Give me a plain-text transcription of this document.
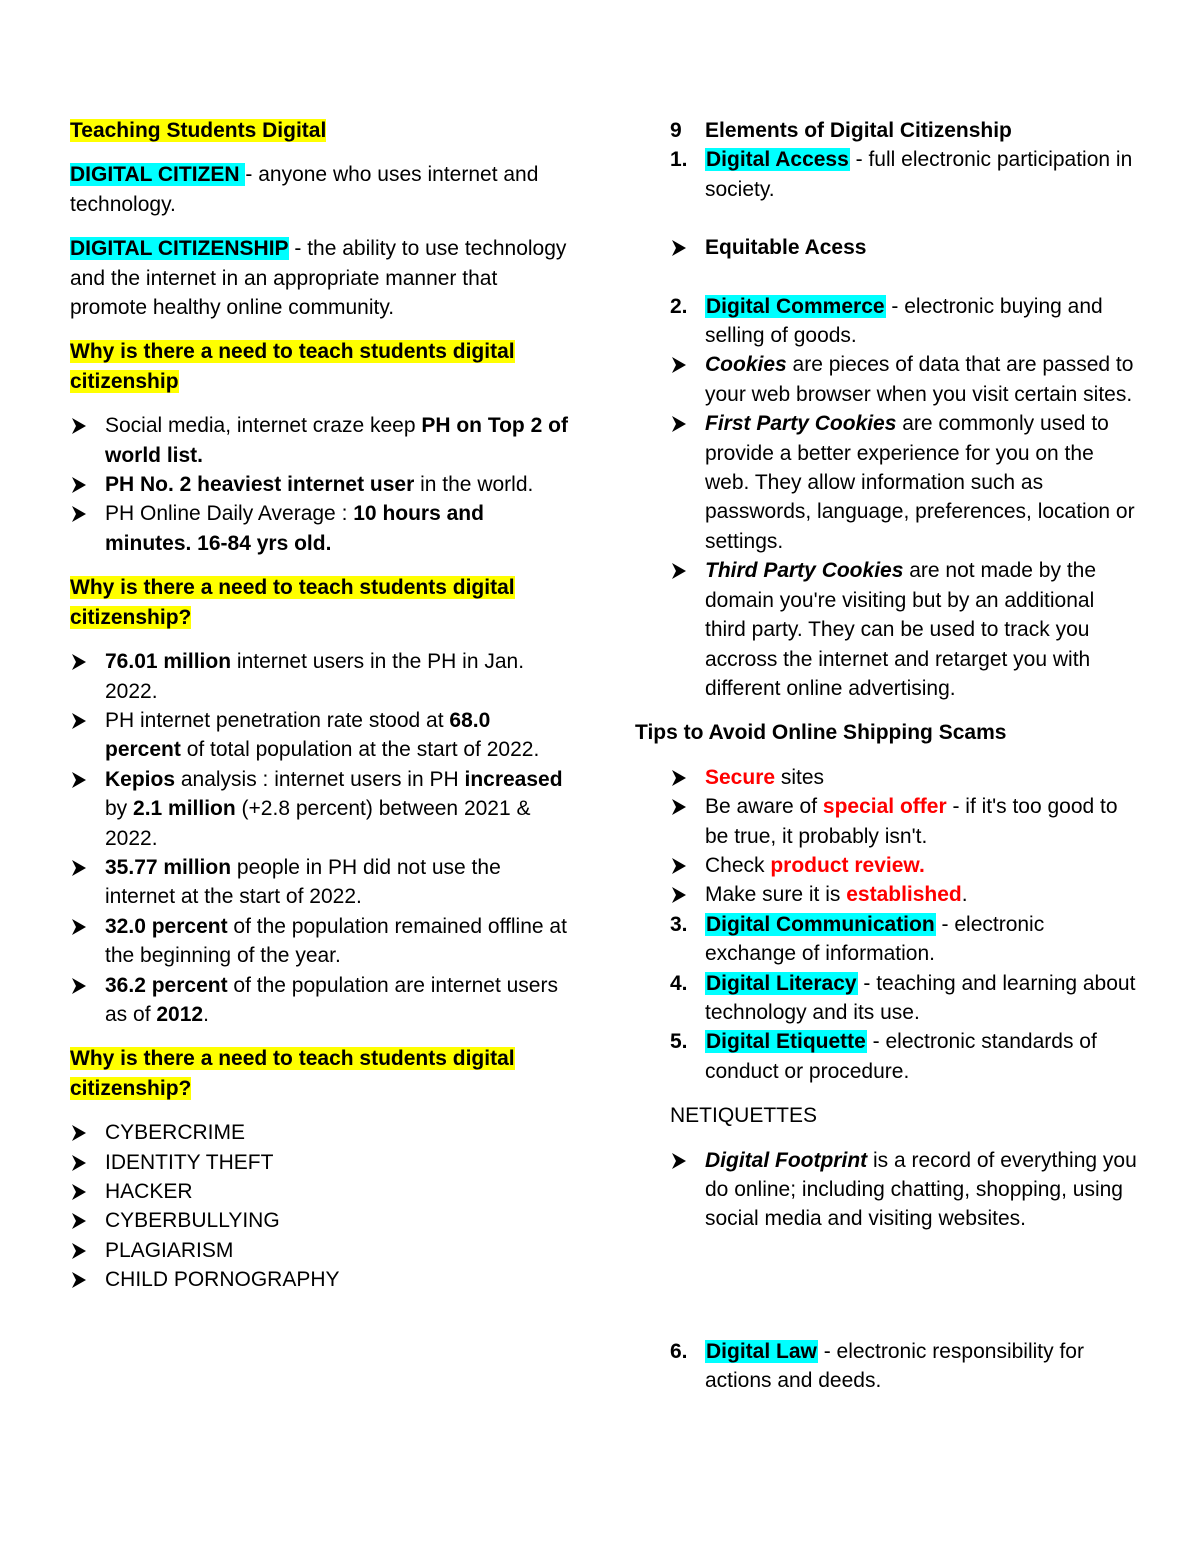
Teaching Students Digital

DIGITAL CITIZEN - anyone who uses internet and technology.

DIGITAL CITIZENSHIP - the ability to use technology and the internet in an appropriate manner that promote healthy online community.

Why is there a need to teach students digital citizenship

Social media, internet craze keep PH on Top 2 of world list.
PH No. 2 heaviest internet user in the world.
PH Online Daily Average : 10 hours and minutes. 16-84 yrs old.

Why is there a need to teach students digital citizenship?

76.01 million internet users in the PH in Jan. 2022.
PH internet penetration rate stood at 68.0 percent of total population at the start of 2022.
Kepios analysis : internet users in PH increased by 2.1 million (+2.8 percent) between 2021 & 2022.
35.77 million people in PH did not use the internet at the start of 2022.
32.0 percent of the population remained offline at the beginning of the year.
36.2 percent of the population are internet users as of 2012.

Why is there a need to teach students digital citizenship?

CYBERCRIME
IDENTITY THEFT
HACKER
CYBERBULLYING
PLAGIARISM
CHILD PORNOGRAPHY
9 Elements of Digital Citizenship
1. Digital Access - full electronic participation in society.
Equitable Acess
2. Digital Commerce - electronic buying and selling of goods.
Cookies are pieces of data that are passed to your web browser when you visit certain sites.
First Party Cookies are commonly used to provide a better experience for you on the web. They allow information such as passwords, language, preferences, location or settings.
Third Party Cookies are not made by the domain you're visiting but by an additional third party. They can be used to track you accross the internet and retarget you with different online advertising.

Tips to Avoid Online Shipping Scams

Secure sites
Be aware of special offer - if it's too good to be true, it probably isn't.
Check product review.
Make sure it is established.
3. Digital Communication - electronic exchange of information.
4. Digital Literacy - teaching and learning about technology and its use.
5. Digital Etiquette - electronic standards of conduct or procedure.

NETIQUETTES

Digital Footprint is a record of everything you do online; including chatting, shopping, using social media and visiting websites.
6. Digital Law - electronic responsibility for actions and deeds.
